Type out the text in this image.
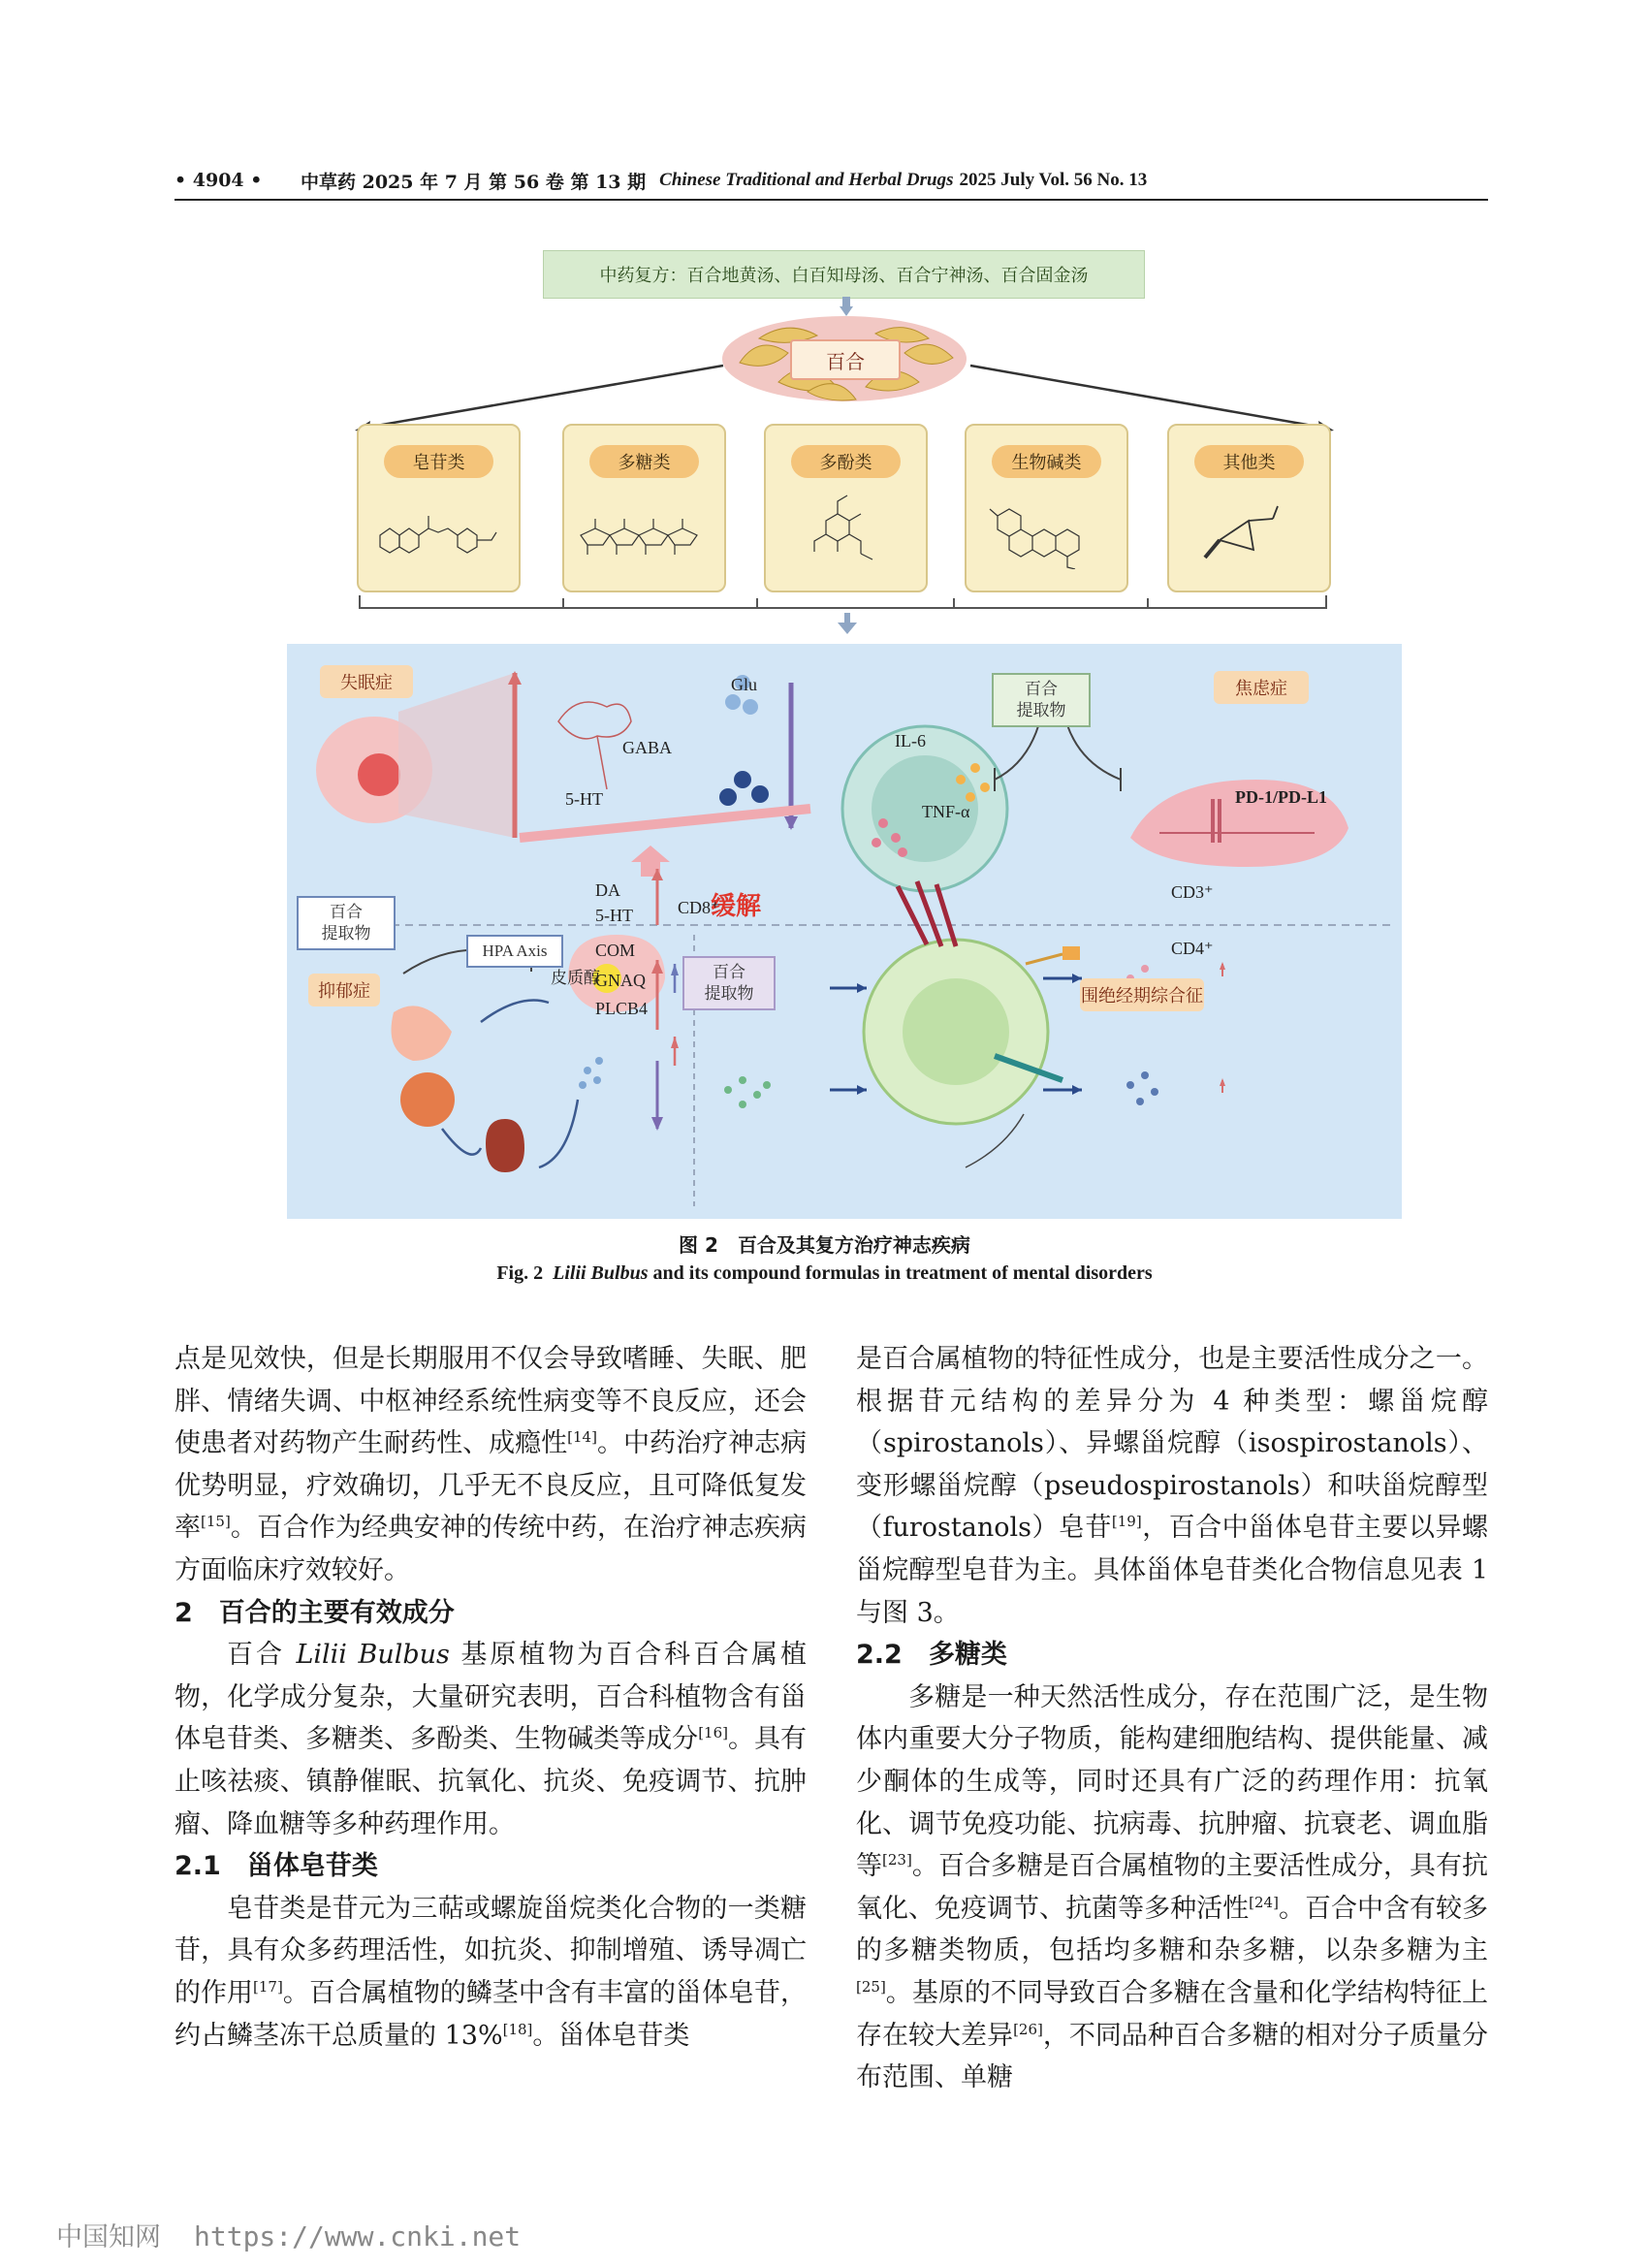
• 4904 •	中草药 2025 年 7 月 第 56 卷 第 13 期 Chinese Traditional and Herbal Drugs 2025 July Vol. 56 No. 13
中药复方：百合地黄汤、白百知母汤、百合宁神汤、百合固金汤
百合
皂苷类	多糖类	多酚类	生物碱类	其他类
失眠症	Glu
5-HT
GABA
缓解
焦虑症
百合
提取物
IL-6
TNF-α
PD-1/PD-L1
百合
提取物
抑郁症
HPA Axis
皮质醇
DA
5-HT
COM
GNAQ
PLCB4
CD8⁺
CD3⁺
CD4⁺
百合
提取物	围绝经期综合征
图 2　 百合及其复方治疗神志疾病
Fig. 2 Lilii Bulbus and its compound formulas in treatment of mental disorders

点是见效快，但是长期服用不仅会导致嗜睡、失眠、肥胖、情绪失调、中枢神经系统性病变等不良反应，还会使患者对药物产生耐药性、成瘾性[14]。中药治疗神志病优势明显，疗效确切，几乎无不良反应，且可降低复发率[15]。百合作为经典安神的传统中药，在治疗神志疾病方面临床疗效较好。

2　百合的主要有效成分

百合 Lilii Bulbus 基原植物为百合科百合属植物，化学成分复杂，大量研究表明，百合科植物含有甾体皂苷类、多糖类、多酚类、生物碱类等成分[16]。具有止咳祛痰、镇静催眠、抗氧化、抗炎、免疫调节、抗肿瘤、降血糖等多种药理作用。

2.1　甾体皂苷类

皂苷类是苷元为三萜或螺旋甾烷类化合物的一类糖苷，具有众多药理活性，如抗炎、抑制增殖、诱导凋亡的作用[17]。百合属植物的鳞茎中含有丰富的甾体皂苷，约占鳞茎冻干总质量的 13%[18]。甾体皂苷类

是百合属植物的特征性成分，也是主要活性成分之一。根据苷元结构的差异分为 4 种类型：螺甾烷醇（spirostanols）、异螺甾烷醇（isospirostanols）、变形螺甾烷醇（pseudospirostanols）和呋甾烷醇型（furostanols）皂苷[19]，百合中甾体皂苷主要以异螺甾烷醇型皂苷为主。具体甾体皂苷类化合物信息见表 1 与图 3。

2.2　多糖类

多糖是一种天然活性成分，存在范围广泛，是生物体内重要大分子物质，能构建细胞结构、提供能量、减少酮体的生成等，同时还具有广泛的药理作用：抗氧化、调节免疫功能、抗病毒、抗肿瘤、抗衰老、调血脂等[23]。百合多糖是百合属植物的主要活性成分，具有抗氧化、免疫调节、抗菌等多种活性[24]。百合中含有较多的多糖类物质，包括均多糖和杂多糖，以杂多糖为主[25]。基原的不同导致百合多糖在含量和化学结构特征上存在较大差异[26]，不同品种百合多糖的相对分子质量分布范围、单糖

中国知网 https://www.cnki.net
